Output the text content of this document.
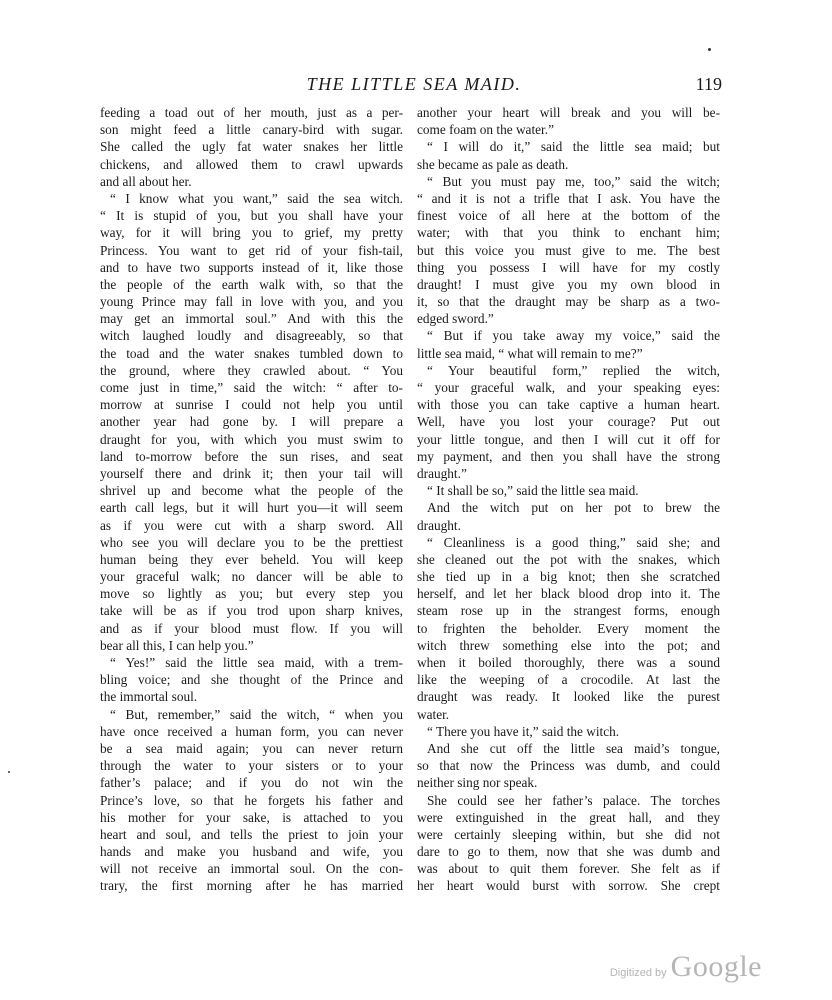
THE LITTLE SEA MAID.	119
feeding a toad out of her mouth, just as a per-
son might feed a little canary-bird with sugar.
She called the ugly fat water snakes her little
chickens, and allowed them to crawl upwards
and all about her.
“ I know what you want,” said the sea witch.
“ It is stupid of you, but you shall have your
way, for it will bring you to grief, my pretty
Princess. You want to get rid of your fish-tail,
and to have two supports instead of it, like those
the people of the earth walk with, so that the
young Prince may fall in love with you, and you
may get an immortal soul.” And with this the
witch laughed loudly and disagreeably, so that
the toad and the water snakes tumbled down to
the ground, where they crawled about. “ You
come just in time,” said the witch: “ after to-
morrow at sunrise I could not help you until
another year had gone by. I will prepare a
draught for you, with which you must swim to
land to-morrow before the sun rises, and seat
yourself there and drink it; then your tail will
shrivel up and become what the people of the
earth call legs, but it will hurt you—it will seem
as if you were cut with a sharp sword. All
who see you will declare you to be the prettiest
human being they ever beheld. You will keep
your graceful walk; no dancer will be able to
move so lightly as you; but every step you
take will be as if you trod upon sharp knives,
and as if your blood must flow. If you will
bear all this, I can help you.”
“ Yes!” said the little sea maid, with a trem-
bling voice; and she thought of the Prince and
the immortal soul.
“ But, remember,” said the witch, “ when you
have once received a human form, you can never
be a sea maid again; you can never return
through the water to your sisters or to your
father’s palace; and if you do not win the
Prince’s love, so that he forgets his father and
his mother for your sake, is attached to you
heart and soul, and tells the priest to join your
hands and make you husband and wife, you
will not receive an immortal soul. On the con-
trary, the first morning after he has married
another your heart will break and you will be-
come foam on the water.”
“ I will do it,” said the little sea maid; but
she became as pale as death.
“ But you must pay me, too,” said the witch;
“ and it is not a trifle that I ask. You have the
finest voice of all here at the bottom of the
water; with that you think to enchant him;
but this voice you must give to me. The best
thing you possess I will have for my costly
draught! I must give you my own blood in
it, so that the draught may be sharp as a two-
edged sword.”
“ But if you take away my voice,” said the
little sea maid, “ what will remain to me?”
“ Your beautiful form,” replied the witch,
“ your graceful walk, and your speaking eyes:
with those you can take captive a human heart.
Well, have you lost your courage? Put out
your little tongue, and then I will cut it off for
my payment, and then you shall have the strong
draught.”
“ It shall be so,” said the little sea maid.
And the witch put on her pot to brew the
draught.
“ Cleanliness is a good thing,” said she; and
she cleaned out the pot with the snakes, which
she tied up in a big knot; then she scratched
herself, and let her black blood drop into it. The
steam rose up in the strangest forms, enough
to frighten the beholder. Every moment the
witch threw something else into the pot; and
when it boiled thoroughly, there was a sound
like the weeping of a crocodile. At last the
draught was ready. It looked like the purest
water.
“ There you have it,” said the witch.
And she cut off the little sea maid’s tongue,
so that now the Princess was dumb, and could
neither sing nor speak.
She could see her father’s palace. The torches
were extinguished in the great hall, and they
were certainly sleeping within, but she did not
dare to go to them, now that she was dumb and
was about to quit them forever. She felt as if
her heart would burst with sorrow. She crept
Digitized by Google
